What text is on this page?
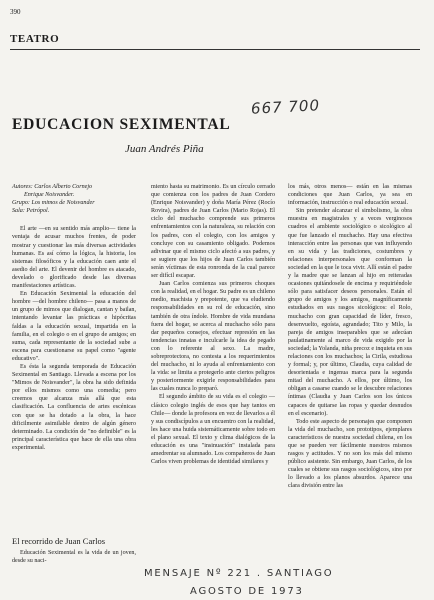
390
TEATRO
667 700
EDUCACION SEXIMENTAL
Juan Andrés Piña

Autores: Carlos Alberto Cornejo

Enrique Noisvander.

Grupo: Los mimos de Noisvander

Sala: Petrópol.

El arte —en su sentido más amplio— tiene la ventaja de acusar muchos frentes, de poder mostrar y cuestionar las más diversas actividades humanas. Es así cómo la lógica, la historia, los sistemas filosóficos y la educación caen ante el asedio del arte. El devenir del hombre es atacado, develado o glorificado desde las diversas manifestaciones artísticas.

En Educación Seximental la educación del hombre —del hombre chileno— pasa a manos de un grupo de mimos que dialogan, cantan y bailan, intentando levantar las prácticas e hipócritas faldas a la educación sexual, impartida en la familia, en el colegio o en el grupo de amigos; en suma, cada representante de la sociedad sube a escena para cuestionarse su papel como "agente educativo".

Es ésta la segunda temporada de Educación Seximental en Santiago. Llevada a escena por los "Mimos de Noisvander", la obra ha sido definida por ellos mismos como una comedia; pero creemos que alcanza más allá que esta clasificación. La confluencia de artes escénicas con que se ha dotado a la obra, la hace dificilmente asimilable dentro de algún género determinado. La condición de "no definible" es la principal característica que hace de ella una obra experimental.

El recorrido de Juan Carlos

Educación Seximental es la vida de un joven, desde su naci-

miento hasta su matrimonio. Es un círculo cerrado que comienza con los padres de Juan Cordero (Enrique Noisvander) y doña María Pérez (Rocío Rovira), padres de Juan Carlos (Mario Rojas). El ciclo del muchacho comprende sus primeros enfrentamientos con la naturaleza, su relación con los padres, con el colegio, con los amigos y concluye con su casamiento obligado. Podemos adivinar que el mismo ciclo afectó a sus padres, y se sugiere que los hijos de Juan Carlos también serán víctimas de esta ronronda de la cual parece ser difícil escapar.

Juan Carlos comienza sus primeros choques con la realidad, en el hogar. Su padre es un chileno medio, machista y prepotente, que va eludiendo responsabilidades en su rol de educación, sino también de otra índole. Hombre de vida mundana fuera del hogar, se acerca al muchacho sólo para dar pequeños consejos, efectuar represión en las tendencias innatas e inculcarle la idea de pegado con lo referente al sexo. La madre, sobreprotectora, no contesta a los requerimientos del muchacho, ni lo ayuda al enfrentamiento con la vida: se limita a protegerlo ante ciertos peligros y posteriormente exigirle responsabilidades para las cuales nunca lo preparó.

El segundo ámbito de su vida es el colegio —clásico colegio inglés de esos que hay tantos en Chile— donde la profesora en vez de llevarlos a él y sus condiscípulos a un encuentro con la realidad, les hace una huida sistemáticamente sobre todo en el plano sexual. El texto y clima dialógicos de la educación es una "insinuación" instalada para amedrentar su alumnado. Los compañeros de Juan Carlos viven problemas de identidad similares y

los más, otros menos— están en las mismas condiciones que Juan Carlos, ya sea en información, instrucción o real educación sexual.

Sin pretender alcanzar el simbolismo, la obra muestra en magistrales y a veces verginosos cuadros el ambiente sociológico o sicológico al que fue lanzado el muchacho. Hay una efectiva interacción entre las personas que van influyendo en su vida y las tradiciones, costumbres y relaciones interpersonales que conforman la sociedad en la que le toca vivir. Allí están el padre y la madre que se lanzan al hijo en reiteradas ocasiones quitándosele de encima y requiriéndole sólo para satisfacer deseos personales. Están el grupo de amigos y los amigos, magníficamente estudiados en sus rasgos sicológicos: el Rolo, muchacho con gran capacidad de líder, fresco, desenvuelto, egoísta, agrandado; Tito y Milo, la pareja de amigos inseparables que se adecúan paulatinamente al marco de vida exigido por la sociedad; la Yolanda, niña precoz e inquieta en sus relaciones con los muchachos; la Cirila, estudiosa y formal; y, por último, Claudia, cuya calidad de desorientada e ingenua marca para la segunda mitad del muchacho. A ellos, por último, los obligan a casarse cuando se le descubre relaciones íntimas (Claudia y Juan Carlos son los únicos capaces de quitarse las ropas y quedar desnudos en el escenario).

Todo este aspecto de personajes que componen la vida del muchacho, son prototipos, ejemplares característicos de nuestra sociedad chilena, en los que se pueden ver fácilmente nuestros mismos rasgos y actitudes. Y no son los más del mismo público asistente. Sin embargo, Juan Carlos, de los cuales se obtiene sus rasgos sociológicos, sino por lo llevado a los planos absurdos. Aparece una clara división entre las

MENSAJE Nº 221 . SANTIAGO
AGOSTO DE 1973
